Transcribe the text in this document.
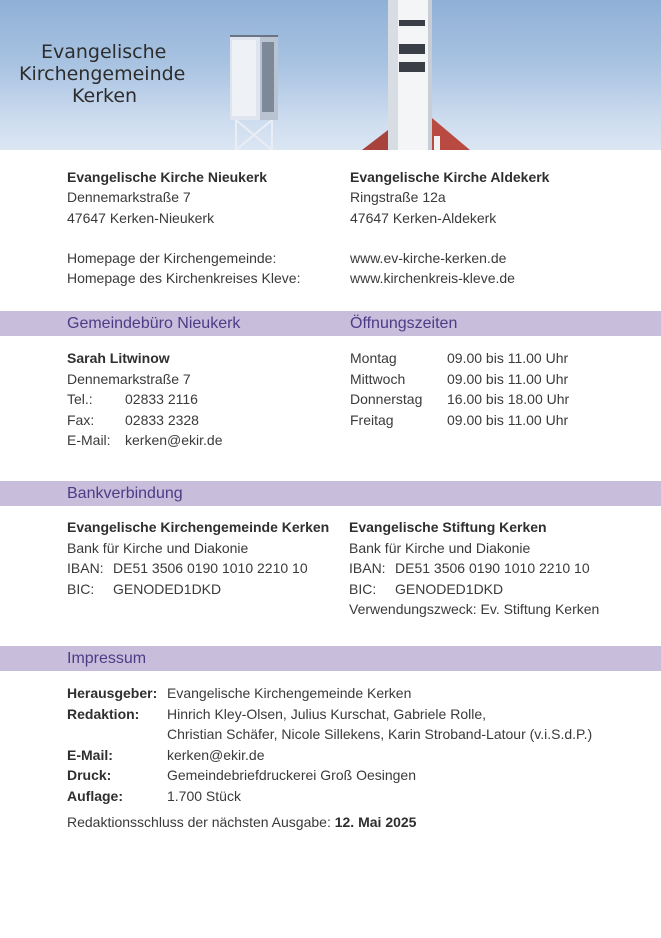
Evangelische
Kirchengemeinde
Kerken
Evangelische Kirche Nieukerk
Dennemarkstraße 7
47647 Kerken-Nieukerk
Evangelische Kirche Aldekerk
Ringstraße 12a
47647 Kerken-Aldekerk
Homepage der Kirchengemeinde:	www.ev-kirche-kerken.de
Homepage des Kirchenkreises Kleve:	www.kirchenkreis-kleve.de
Gemeindebüro Nieukerk	Öffnungszeiten
Sarah Litwinow
Dennemarkstraße 7
Tel.: 02833 2116
Fax: 02833 2328
E-Mail: kerken@ekir.de
Montag	09.00 bis 11.00 Uhr
Mittwoch	09.00 bis 11.00 Uhr
Donnerstag 16.00 bis 18.00 Uhr
Freitag	09.00 bis 11.00 Uhr
Bankverbindung
Evangelische Kirchengemeinde Kerken
Bank für Kirche und Diakonie
IBAN: DE51 3506 0190 1010 2210 10
BIC: GENODED1DKD
Evangelische Stiftung Kerken
Bank für Kirche und Diakonie
IBAN: DE51 3506 0190 1010 2210 10
BIC: GENODED1DKD
Verwendungszweck: Ev. Stiftung Kerken
Impressum
Herausgeber: Evangelische Kirchengemeinde Kerken
Redaktion: Hinrich Kley-Olsen, Julius Kurschat, Gabriele Rolle,
Christian Schäfer, Nicole Sillekens, Karin Stroband-Latour (v.i.S.d.P.)
E-Mail:	kerken@ekir.de
Druck:	Gemeindebriefdruckerei Groß Oesingen
Auflage:	1.700 Stück
Redaktionsschluss der nächsten Ausgabe: 12. Mai 2025
